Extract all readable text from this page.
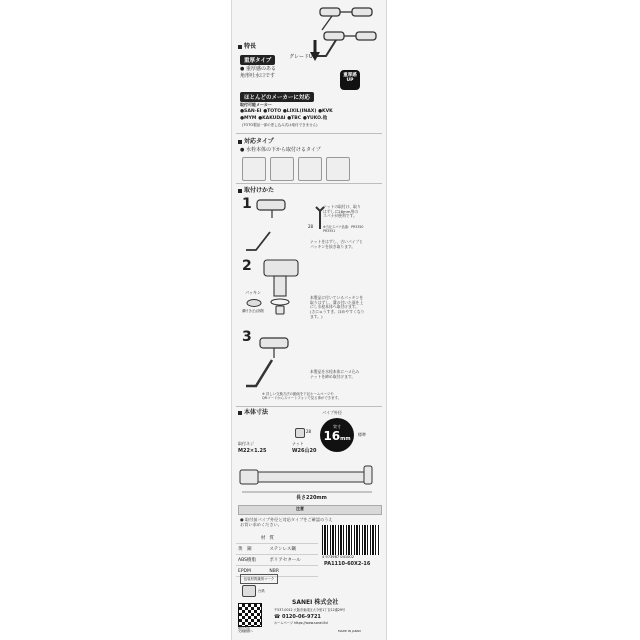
グレードUP
重厚感
UP
特長
重厚タイプ
● 重厚感のある
角形吐水口です
ほとんどのメーカーに対応
取付可能メーカー
●SAN-EI ●TOTO ●LIXIL(INAX) ●KVK
●MYM ●KAKUDAI ●TBC ●YUKO.他
(TOTO製品一部の差し込み式は取付できません)
対応タイプ
● 水栓本体の下から取付けるタイプ
取付けかた
1
28
ナットの取付け、取り
はずしに28mm用の
スパナが便利です。
※当社スパナ品番：PR3350
PR3351
ナットをはずし、古いパイプと
パッキンを抜き取ります。
2
パッキン
溝付き(凸)部側
本製品に付いているパッキンを
取りはずし、溝の付いた面を上
にし水栓本体へ取付けます。
(さにゅうすき、ほめやすくなり
ます。)
3
本製品を水栓本体にハメ込み
ナットを締め取付けます。
※ 詳しい交換方法の動画を下記ホームページや
QRコードからスマートフォンで見る事ができます。
本体寸法	パイプ外径
実寸
16mm
標準
28
取付ネジ
M22×1.25
ナット
W26山20
長さ220mm
注意
● 取付前パイプ外径と対応タイプをご確認のうえ
お買い求めください。
材	質
黄　銅	ステンレス鋼
ABS樹脂	ポリアセタール
EPDM	NBR
4 973987 041002
PA1110-60X2-16
包装材質識別マーク
台紙
取付方法
交換動画へ
SANEI 株式会社
〒537-0012 大阪市東成区大今里1丁目12番29号
☎ 0120-06-9721
ホームページ https://www.sanei.ltd
MADE IN JAPAN
